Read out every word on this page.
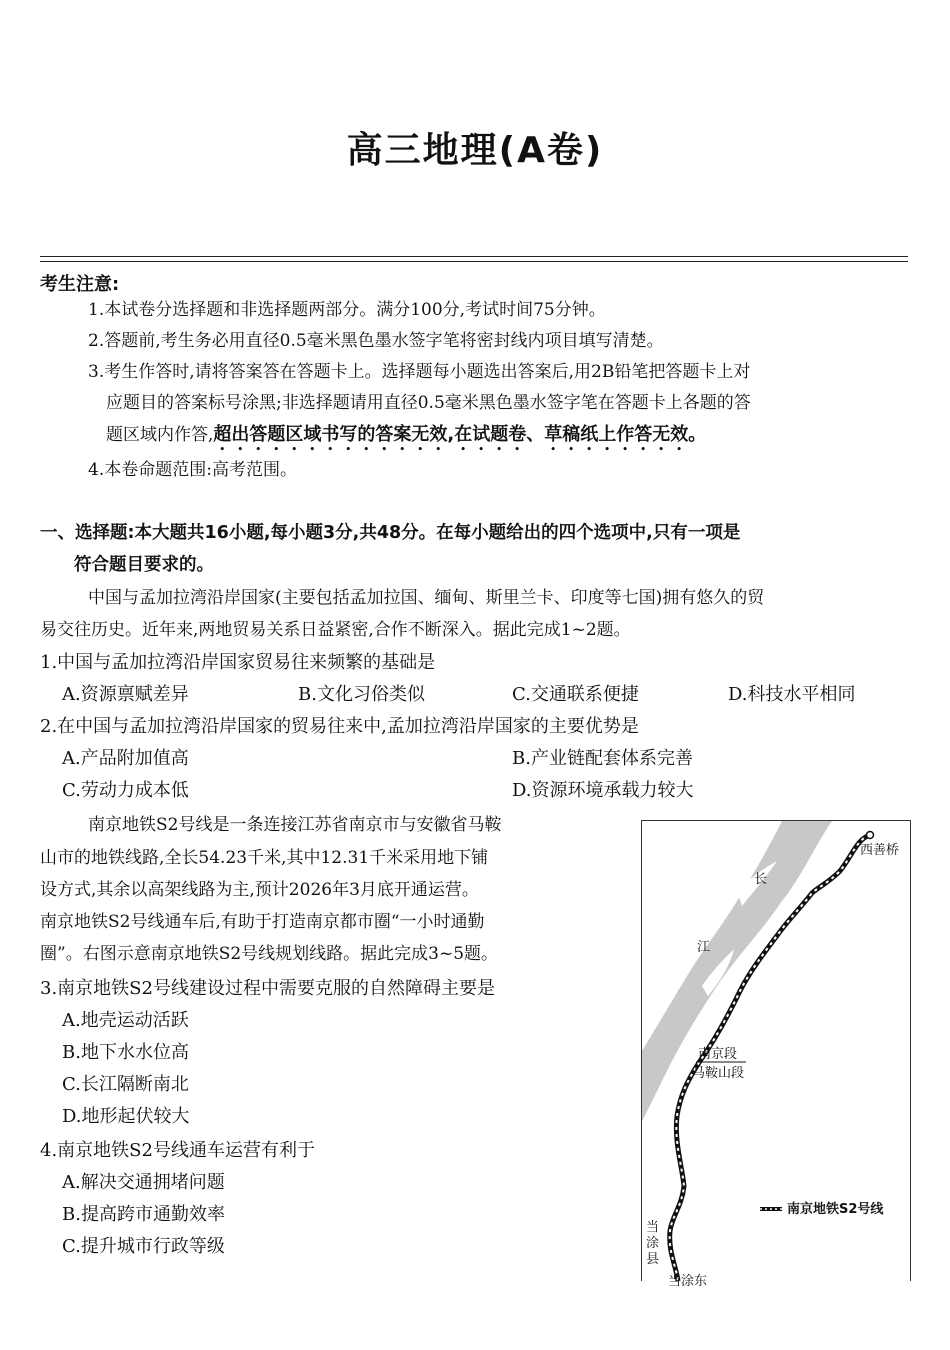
高三地理(A卷)
考生注意:
1.本试卷分选择题和非选择题两部分。满分100分,考试时间75分钟。
2.答题前,考生务必用直径0.5毫米黑色墨水签字笔将密封线内项目填写清楚。
3.考生作答时,请将答案答在答题卡上。选择题每小题选出答案后,用2B铅笔把答题卡上对
应题目的答案标号涂黑;非选择题请用直径0.5毫米黑色墨水签字笔在答题卡上各题的答
题区域内作答,超出答题区域书写的答案无效,在试题卷、草稿纸上作答无效。
4.本卷命题范围:高考范围。
一、选择题:本大题共16小题,每小题3分,共48分。在每小题给出的四个选项中,只有一项是
符合题目要求的。
中国与孟加拉湾沿岸国家(主要包括孟加拉国、缅甸、斯里兰卡、印度等七国)拥有悠久的贸
易交往历史。近年来,两地贸易关系日益紧密,合作不断深入。据此完成1~2题。
1.中国与孟加拉湾沿岸国家贸易往来频繁的基础是
A.资源禀赋差异	B.文化习俗类似	C.交通联系便捷	D.科技水平相同
2.在中国与孟加拉湾沿岸国家的贸易往来中,孟加拉湾沿岸国家的主要优势是
A.产品附加值高	B.产业链配套体系完善
C.劳动力成本低	D.资源环境承载力较大
南京地铁S2号线是一条连接江苏省南京市与安徽省马鞍
山市的地铁线路,全长54.23千米,其中12.31千米采用地下铺
设方式,其余以高架线路为主,预计2026年3月底开通运营。
南京地铁S2号线通车后,有助于打造南京都市圈“一小时通勤
圈”。右图示意南京地铁S2号线规划线路。据此完成3~5题。
3.南京地铁S2号线建设过程中需要克服的自然障碍主要是
A.地壳运动活跃
B.地下水水位高
C.长江隔断南北
D.地形起伏较大
4.南京地铁S2号线通车运营有利于
A.解决交通拥堵问题
B.提高跨市通勤效率
C.提升城市行政等级
西善桥
长
江
南京段
马鞍山段
南京地铁S2号线
当
涂
县
当涂东
